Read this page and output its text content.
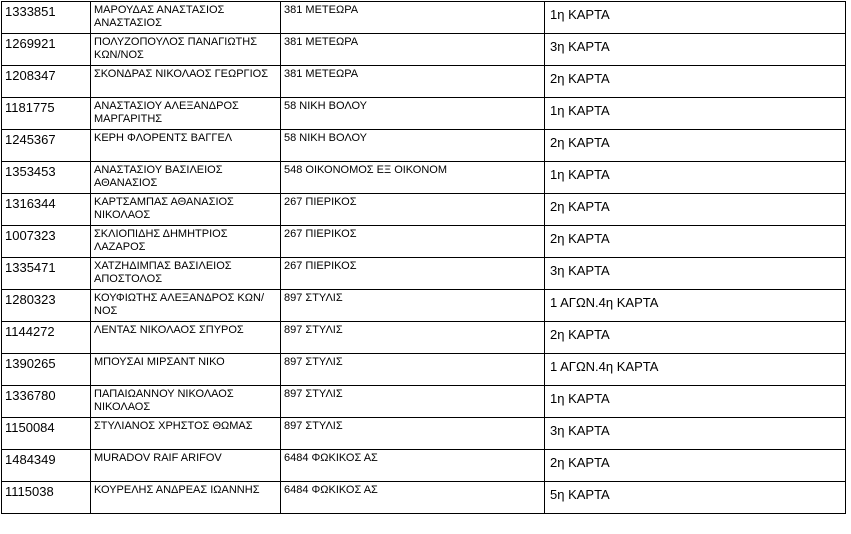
1333851	ΜΑΡΟΥΔΑΣ ΑΝΑΣΤΑΣΙΟΣ ΑΝΑΣΤΑΣΙΟΣ	381 ΜΕΤΕΩΡΑ	1η ΚΑΡΤΑ
1269921	ΠΟΛΥΖΟΠΟΥΛΟΣ ΠΑΝΑΓΙΩΤΗΣ ΚΩΝ/ΝΟΣ	381 ΜΕΤΕΩΡΑ	3η ΚΑΡΤΑ
1208347	ΣΚΟΝΔΡΑΣ ΝΙΚΟΛΑΟΣ ΓΕΩΡΓΙΟΣ	381 ΜΕΤΕΩΡΑ	2η ΚΑΡΤΑ
1181775	ΑΝΑΣΤΑΣΙΟΥ ΑΛΕΞΑΝΔΡΟΣ ΜΑΡΓΑΡΙΤΗΣ	58 ΝΙΚΗ ΒΟΛΟΥ	1η ΚΑΡΤΑ
1245367	ΚΕΡΗ ΦΛΟΡΕΝΤΣ ΒΑΓΓΕΛ	58 ΝΙΚΗ ΒΟΛΟΥ	2η ΚΑΡΤΑ
1353453	ΑΝΑΣΤΑΣΙΟΥ ΒΑΣΙΛΕΙΟΣ ΑΘΑΝΑΣΙΟΣ	548 ΟΙΚΟΝΟΜΟΣ ΕΞ ΟΙΚΟΝΟΜ	1η ΚΑΡΤΑ
1316344	ΚΑΡΤΣΑΜΠΑΣ ΑΘΑΝΑΣΙΟΣ ΝΙΚΟΛΑΟΣ	267 ΠΙΕΡΙΚΟΣ	2η ΚΑΡΤΑ
1007323	ΣΚΛΙΟΠΙΔΗΣ ΔΗΜΗΤΡΙΟΣ ΛΑΖΑΡΟΣ	267 ΠΙΕΡΙΚΟΣ	2η ΚΑΡΤΑ
1335471	ΧΑΤΖΗΔΙΜΠΑΣ ΒΑΣΙΛΕΙΟΣ ΑΠΟΣΤΟΛΟΣ	267 ΠΙΕΡΙΚΟΣ	3η ΚΑΡΤΑ
1280323	ΚΟΥΦΙΩΤΗΣ ΑΛΕΞΑΝΔΡΟΣ ΚΩΝ/ΝΟΣ	897 ΣΤΥΛΙΣ	1 ΑΓΩΝ.4η ΚΑΡΤΑ
1144272	ΛΕΝΤΑΣ ΝΙΚΟΛΑΟΣ ΣΠΥΡΟΣ	897 ΣΤΥΛΙΣ	2η ΚΑΡΤΑ
1390265	ΜΠΟΥΣΑΙ ΜΙΡΣΑΝΤ ΝΙΚΟ	897 ΣΤΥΛΙΣ	1 ΑΓΩΝ.4η ΚΑΡΤΑ
1336780	ΠΑΠΑΙΩΑΝΝΟΥ ΝΙΚΟΛΑΟΣ ΝΙΚΟΛΑΟΣ	897 ΣΤΥΛΙΣ	1η ΚΑΡΤΑ
1150084	ΣΤΥΛΙΑΝΟΣ ΧΡΗΣΤΟΣ ΘΩΜΑΣ	897 ΣΤΥΛΙΣ	3η ΚΑΡΤΑ
1484349	MURADOV RAIF ARIFOV	6484 ΦΩΚΙΚΟΣ ΑΣ	2η ΚΑΡΤΑ
1115038	ΚΟΥΡΕΛΗΣ ΑΝΔΡΕΑΣ ΙΩΑΝΝΗΣ	6484 ΦΩΚΙΚΟΣ ΑΣ	5η ΚΑΡΤΑ
